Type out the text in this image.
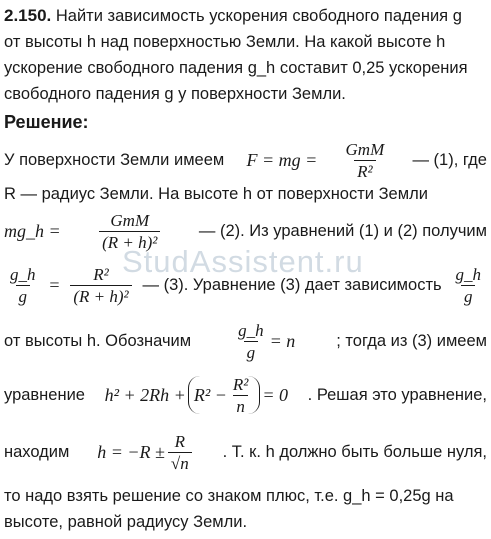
StudAssistent.ru
2.150. Найти зависимость ускорения свободного падения g
от высоты h над поверхностью Земли. На какой высоте h
ускорение свободного падения g_h составит 0,25 ускорения
свободного падения g у поверхности Земли.
Решение:
У поверхности Земли имеем F = mg = $\frac{\text{GmM}}{\text{R²}}$ — (1), где
R — радиус Земли. На высоте h от поверхности Земли
mg_h = $\frac{\text{GmM}}{\text{(R + h)²}}$ — (2). Из уравнений (1) и (2) получим
$\frac{g\_h}{g} = \frac{\text{R²}}{\text{(R + h)²}}$ — (3). Уравнение (3) дает зависимость $\frac{g\_h}{g}$
от высоты h. Обозначим	$\frac{g\_h}{g} = n$ ; тогда из (3) имеем
уравнение $h^2 + 2Rh + R^2 - \frac{\text{R²}}{n} = 0$ . Решая это уравнение,
находим $h = -R \pm \frac{R}{√n}$ . Т. к. h должно быть больше нуля,
то надо взять решение со знаком плюс, т.е. g_h = 0,25g на
высоте, равной радиусу Земли.
